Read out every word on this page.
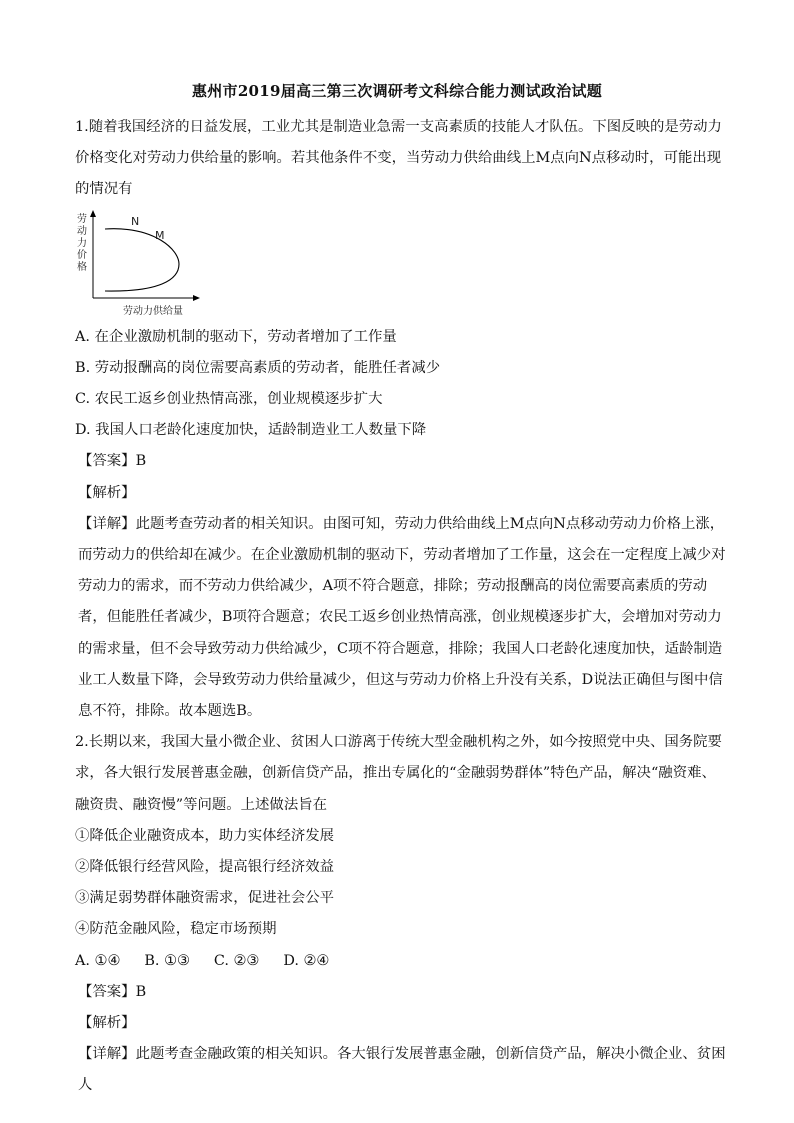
惠州市2019届高三第三次调研考文科综合能力测试政治试题

1.随着我国经济的日益发展，工业尤其是制造业急需一支高素质的技能人才队伍。下图反映的是劳动力价格变化对劳动力供给量的影响。若其他条件不变，当劳动力供给曲线上M点向N点移动时，可能出现的情况有

劳 动 力 价 格
N
M
劳动力供给量

A. 在企业激励机制的驱动下，劳动者增加了工作量

B. 劳动报酬高的岗位需要高素质的劳动者，能胜任者减少

C. 农民工返乡创业热情高涨，创业规模逐步扩大

D. 我国人口老龄化速度加快，适龄制造业工人数量下降

【答案】B

【解析】

【详解】此题考查劳动者的相关知识。由图可知，劳动力供给曲线上M点向N点移动劳动力价格上涨，而劳动力的供给却在减少。在企业激励机制的驱动下，劳动者增加了工作量，这会在一定程度上减少对劳动力的需求，而不劳动力供给减少，A项不符合题意，排除；劳动报酬高的岗位需要高素质的劳动者，但能胜任者减少，B项符合题意；农民工返乡创业热情高涨，创业规模逐步扩大，会增加对劳动力的需求量，但不会导致劳动力供给减少，C项不符合题意，排除；我国人口老龄化速度加快，适龄制造业工人数量下降，会导致劳动力供给量减少，但这与劳动力价格上升没有关系，D说法正确但与图中信息不符，排除。故本题选B。

2.长期以来，我国大量小微企业、贫困人口游离于传统大型金融机构之外，如今按照党中央、国务院要求，各大银行发展普惠金融，创新信贷产品，推出专属化的“金融弱势群体”特色产品，解决“融资难、融资贵、融资慢”等问题。上述做法旨在

①降低企业融资成本，助力实体经济发展

②降低银行经营风险，提高银行经济效益

③满足弱势群体融资需求，促进社会公平

④防范金融风险，稳定市场预期

A. ①④ B. ①③ C. ②③ D. ②④

【答案】B

【解析】

【详解】此题考查金融政策的相关知识。各大银行发展普惠金融，创新信贷产品，解决小微企业、贫困人
